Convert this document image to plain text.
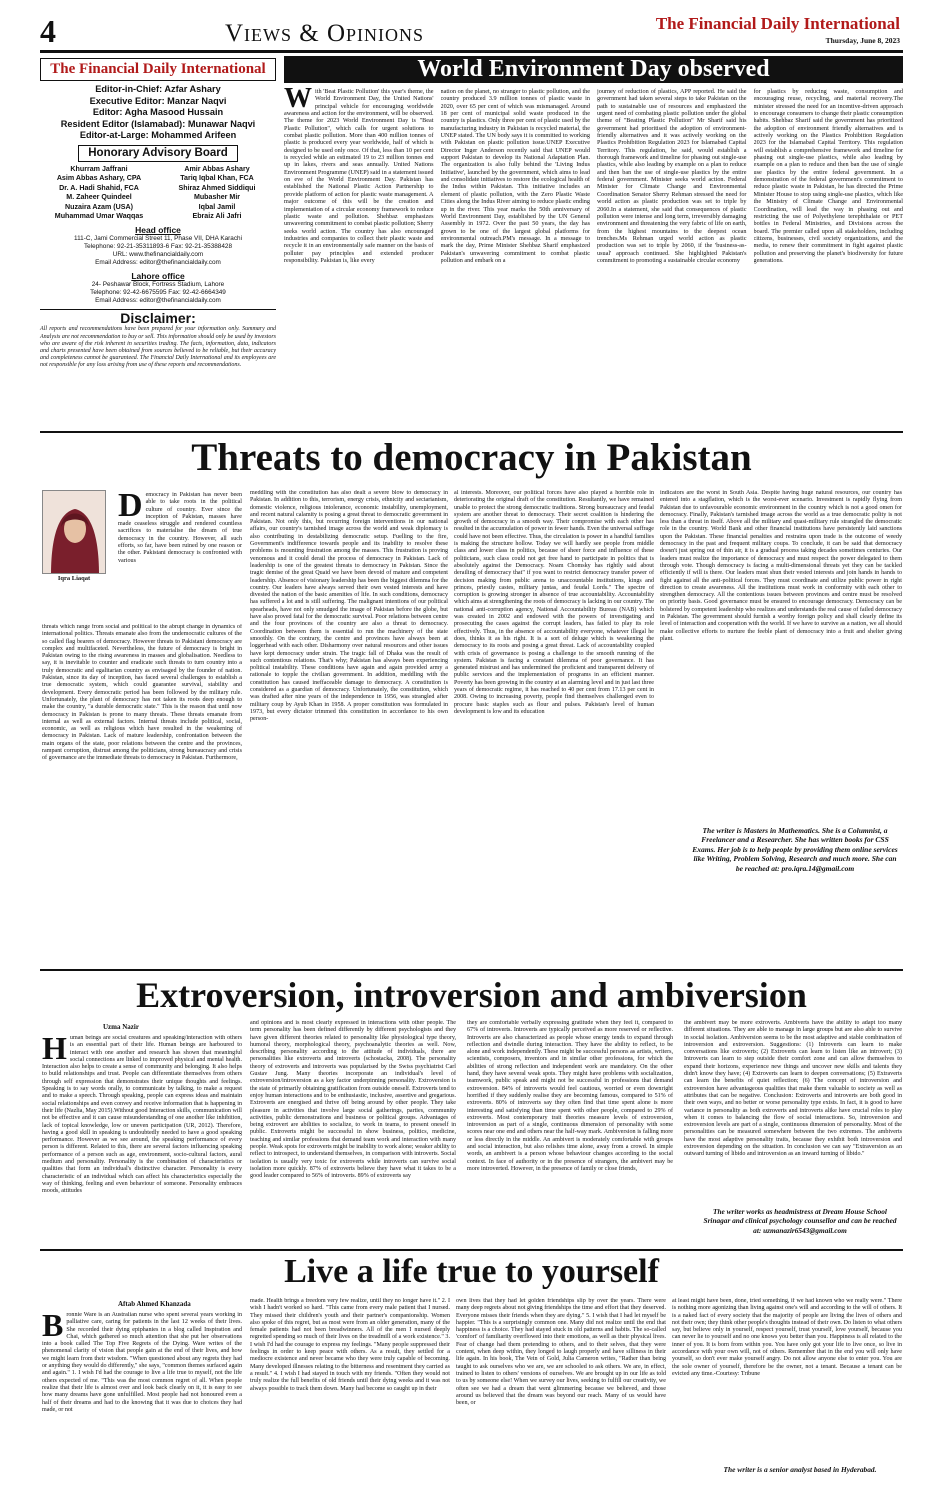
4	Views & Opinions	The Financial Daily International
Thursday, June 8, 2023
The Financial Daily International
Editor-in-Chief: Azfar Ashary
Executive Editor: Manzar Naqvi
Editor: Agha Masood Hussain
Resident Editor (Islamabad): Munawar Naqvi
Editor-at-Large: Mohammed Arifeen
Honorary Advisory Board
Khurram Jaffrani
Asim Abbas Ashary, CPA
Dr. A. Hadi Shahid, FCA
M. Zaheer Quindeel
Nuzaira Azam (USA)
Muhammad Umar Waqqas
Amir Abbas Ashary
Tariq Iqbal Khan, FCA
Shiraz Ahmed Siddiqui
Mubasher Mir
Iqbal Jamil
Ebraiz Ali Jafri
Head office
111-C, Jami Commercial Street 11, Phase VII, DHA Karachi
Telephone: 92-21-35311893-6 Fax: 92-21-35388428
URL: www.thefinancialdaily.com
Email Address: editor@thefinancialdaily.com
Lahore office
24- Peshawar Block, Fortress Stadium, Lahore
Telephone: 92-42-6675595 Fax: 92-42-6664349
Email Address: editor@thefinancialdaily.com
Disclaimer:
All reports and recommendations have been prepared for your information only. Summary and Analysis are not recommendation to buy or sell. This information should only be used by investors who are aware of the risk inherent in securities trading. The facts, information, data, indicators and charts presented have been obtained from sources believed to be reliable, but their accuracy and completeness cannot be guaranteed. The Financial Daily International and its employees are not responsible for any loss arising from use of these reports and recommendations.
World Environment Day observed
With 'Beat Plastic Pollution' this year's theme, the World Environment Day, the United Nations' principal vehicle for encouraging worldwide awareness and action for the environment, will be observed. The theme for 2023 World Environment Day is "Beat Plastic Pollution", which calls for urgent solutions to combat plastic pollution. More than 400 million tonnes of plastic is produced every year worldwide, half of which is designed to be used only once. Of that, less than 10 per cent is recycled while an estimated 19 to 23 million tonnes end up in lakes, rivers and seas annually. United Nations Environment Programme (UNEP) said in a statement issued on eve of the World Environment Day. Pakistan has established the National Plastic Action Partnership to provide platform of action for plastic waste management. A major outcome of this will be the creation and implementation of a circular economy framework to reduce plastic waste and pollution. Shehbaz emphasizes unwavering commitment to combat plastic pollution; Sherry seeks world action. The country has also encouraged industries and companies to collect their plastic waste and recycle it in an environmentally safe manner on the basis of polluter pay principles and extended producer responsibility. Pakistan is, like every
nation on the planet, no stranger to plastic pollution, and the country produced 3.9 million tonnes of plastic waste in 2020, over 65 per cent of which was mismanaged. Around 18 per cent of municipal solid waste produced in the country is plastics. Only three per cent of plastic used by the manufacturing industry in Pakistan is recycled material, the UNEP stated. The UN body says it is committed to working with Pakistan on plastic pollution issue.UNEP Executive Director Inger Anderson recently said that UNEP would support Pakistan to develop its National Adaptation Plan. The organization is also fully behind the 'Living Indus Initiative', launched by the government, which aims to lead and consolidate initiatives to restore the ecological health of the Indus within Pakistan. This initiative includes an element of plastic pollution, with the Zero Plastic Waste Cities along the Indus River aiming to reduce plastic ending up in the river. This year marks the 50th anniversary of World Environment Day, established by the UN General Assembly in 1972. Over the past 50 years, the day has grown to be one of the largest global platforms for environmental outreach.PM's message. In a message to mark the day, Prime Minister Shehbaz Sharif emphasized Pakistan's unwavering commitment to combat plastic pollution and embark on a
journey of reduction of plastics, APP reported. He said the government had taken several steps to take Pakistan on the path to sustainable use of resources and emphasized the urgent need of combating plastic pollution under the global theme of "Beating Plastic Pollution" Mr Sharif said his government had prioritised the adoption of environment-friendly alternatives and it was actively working on the Plastics Prohibition Regulation 2023 for Islamabad Capital Territory. This regulation, he said, would establish a thorough framework and timeline for phasing out single-use plastics, while also leading by example on a plan to reduce and then ban the use of single-use plastics by the entire federal government. Minister seeks world action. Federal Minister for Climate Change and Environmental Coordination Senator Sherry Rehman stressed the need for world action as plastic production was set to triple by 2060.In a statement, she said that consequences of plastic pollution were intense and long term, irreversibly damaging environment and threatening the very fabric of life on earth, from the highest mountains to the deepest ocean trenches.Ms Rehman urged world action as plastic production was set to triple by 2060, if the 'business-as-usual' approach continued. She highlighted Pakistan's commitment to promoting a sustainable circular economy
for plastics by reducing waste, consumption and encouraging reuse, recycling, and material recovery.The minister stressed the need for an incentive-driven approach to encourage consumers to change their plastic consumption habits. Shehbaz Sharif said the government has prioritized the adoption of environment friendly alternatives and is actively working on the Plastics Prohibition Regulation 2023 for the Islamabad Capital Territory. This regulation will establish a comprehensive framework and timeline for phasing out single-use plastics, while also leading by example on a plan to reduce and then ban the use of single use plastics by the entire federal government. In a demonstration of the federal government's commitment to reduce plastic waste in Pakistan, he has directed the Prime Minister House to stop using single-use plastics, which like the Ministry of Climate Change and Environmental Coordination, will lead the way in phasing out and restricting the use of Polyethylene terephthalate or PET bottles in Federal Ministries, and Divisions across the board. The premier called upon all stakeholders, including citizens, businesses, civil society organizations, and the media, to renew their commitment in fight against plastic pollution and preserving the planet's biodiversity for future generations.
Threats to democracy in Pakistan
Iqra Liaqat
Democracy in Pakistan has never been able to take roots in the political culture of country. Ever since the inception of Pakistan, masses have made ceaseless struggle and rendered countless sacrifices to materialise the dream of true democracy in the country. However, all such efforts, so far, have been ruined by one reason or the other. Pakistani democracy is confronted with various
threats which range from social and political to the abrupt change in dynamics of international politics. Threats emanate also from the undemocratic cultures of the so called flag bearers of democracy. However threats to Pakistani democracy are complex and multifaceted. Nevertheless, the future of democracy is bright in Pakistan owing to the rising awareness in masses and globalisation. Needless to say, it is inevitable to counter and eradicate such threats to turn country into a truly democratic and egalitarian country as envisaged by the founder of nation. Pakistan, since its day of inception, has faced several challenges to establish a true democratic system, which could guarantee survival, stability and development. Every democratic period has been followed by the military rule. Unfortunately, the plant of democracy has not taken its roots deep enough to make the country, "a durable democratic state." This is the reason that until now democracy in Pakistan is prone to many threats. These threats emanate from internal as well as external factors. Internal threats include political, social, economic, as well as religious which have resulted in the weakening of democracy in Pakistan. Lack of mature leadership, confrontation between the main organs of the state, poor relations between the centre and the provinces, rampant corruption, distrust among the politicians, strong bureaucracy and crisis of governance are the immediate threats to democracy in Pakistan. Furthermore,
meddling with the constitution has also dealt a severe blow to democracy in Pakistan. In addition to this, terrorism, energy crisis, ethnicity and sectarianism, domestic violence, religious intolerance, economic instability, unemployment, and recent natural calamity is posing a great threat to democratic government in Pakistan. Not only this, but recurring foreign interventions in our national affairs, our country's tarnished image across the world and weak diplomacy is also contributing in destabilizing democratic setup. Fuelling to the fire, Government's indifference towards people and its inability to resolve these problems is mounting frustration among the masses. This frustration is proving venomous and it could derail the process of democracy in Pakistan. Lack of leadership is one of the greatest threats to democracy in Pakistan. Since the tragic demise of the great Quaid we have been devoid of mature and competent leadership. Absence of visionary leadership has been the biggest dilemma for the country. Our leaders have always served their own vested interests and have divested the nation of the basic amenities of life. In such conditions, democracy has suffered a lot and is still suffering. The malignant intentions of our political spearheads, have not only smudged the image of Pakistan before the globe, but have also proved fatal for the democratic survival. Poor relations between centre and the four provinces of the country are also a threat to democracy. Coordination between them is essential to run the machinery of the state smoothly. On the contrary, the centre and provinces have always been at loggerhead with each other. Disharmony over natural resources and other issues have kept democracy under strain. The tragic fall of Dhaka was the result of such contentious relations. That's why; Pakistan has always been experiencing political instability. These conditions have again and again provided army a rationale to topple the civilian government. In addition, meddling with the constitution has caused ineffaceable damage to democracy. A constitution is considered as a guardian of democracy. Unfortunately, the constitution, which was drafted after nine years of the independence in 1956, was strangled after military coup by Ayub Khan in 1958. A proper constitution was formulated in 1973, but every dictator trimmed this constitution in accordance to his own person-
al interests. Moreover, our political forces have also played a horrible role in deteriorating the original draft of the constitution. Resultantly, we have remained unable to protect the strong democratic traditions. Strong bureaucracy and feudal system are another threat to democracy. Their secret coalition is hindering the growth of democracy in a smooth way. Their compromise with each other has resulted in the accumulation of power in fewer hands. Even the universal suffrage could have not been effective. Thus, the circulation is power in a handful families is making the structure hollow. Today we will hardly see people from middle class and lower class in politics, because of sheer force and influence of these politicians, such class could not get free hand to participate in politics that is absolutely against the Democracy. Noam Chomsky has rightly said about derailing of democracy that" if you want to restrict democracy transfer power of decision making from public arena to unaccountable institutions, kings and princes, priestly castes, military juntas, and feudal Lords." The spectre of corruption is growing stronger in absence of true accountability. Accountability which aims at strengthening the roots of democracy is lacking in our country. The national anti-corruption agency, National Accountability Bureau (NAB) which was created in 2002 and endowed with the powers of investigating and prosecuting the cases against the corrupt leaders, has failed to play its role effectively. Thus, in the absence of accountability everyone, whatever illegal he does, thinks it as his right. It is a sort of deluge which is weakening the democracy to its roots and posing a great threat. Lack of accountability coupled with crisis of governance is posing a challenge to the smooth running of the system. Pakistan is facing a constant dilemma of poor governance. It has generated mistrust and has undermined the proficient and transparent delivery of public services and the implementation of programs in an efficient manner. Poverty has been growing in the country at an alarming level and in just last three years of democratic regime, it has reached to 40 per cent from 17.13 per cent in 2008. Owing to increasing poverty, people find themselves challenged even to procure basic staples such as flour and pulses. Pakistan's level of human development is low and its education
indicators are the worst in South Asia. Despite having huge natural resources, our country has entered into a stagflation, which is the worst-ever scenario. Investment is rapidly flying from Pakistan due to unfavourable economic environment in the country which is not a good omen for democracy. Finally, Pakistan's tarnished image across the world as a true democratic polity is not less than a threat in itself. Above all the military and quasi-military rule strangled the democratic role in the country. World Bank and other financial institutions have persistently laid sanctions upon the Pakistan. These financial penalties and restrains upon trade is the outcome of weedy democracy in the past and frequent military coups. To conclude, it can be said that democracy doesn't just spring out of thin air, it is a gradual process taking decades sometimes centuries. Our leaders must realize the importance of democracy and must respect the power delegated to them through vote. Though democracy is facing a multi-dimensional threats yet they can be tackled efficiently if will is there. Our leaders must shun their vested interests and join hands in hands to fight against all the anti-political forces. They must coordinate and utilize public power in right direction to create awareness. All the institutions must work in conformity with each other to strengthen democracy. All the contentious issues between provinces and centre must be resolved on priority basis. Good governance must be ensured to encourage democracy. Democracy can be bolstered by competent leadership who realizes and understands the real cause of failed democracy in Pakistan. The government should furnish a worthy foreign policy and shall clearly define its level of interaction and cooperation with the world. If we have to survive as a nation, we all should make collective efforts to nurture the feeble plant of democracy into a fruit and shelter giving plant.
The writer is Masters in Mathematics. She is a Columnist, a Freelancer and a Researcher. She has written books for CSS Exams. Her job is to help people by providing them online services like Writing, Problem Solving, Research and much more. She can be reached at: pro.iqra.14@gmail.com
Extroversion, introversion and ambiversion
Uzma Nazir
Human beings are social creatures and speaking/interaction with others is an essential part of their life. Human beings are harboured to interact with one another and research has shown that meaningful social connections are linked to improved physical and mental health. Interaction also helps to create a sense of community and belonging. It also helps to build relationships and trust. People can differentiate themselves from others through self expression that demonstrates their unique thoughts and feelings. Speaking is to say words orally, to communicate by talking, to make a request and to make a speech. Through speaking, people can express ideas and maintain social relationships and even convey and receive information that is happening in their life (Nazlia, May 2015).Without good Interaction skills, communication will not be effective and it can cause misunderstanding of one another like inhibition, lack of topical knowledge, low or uneven participation (UR, 2012). Therefore, having a good skill in speaking is undoubtedly needed to have a good speaking performance. However as we see around, the speaking performance of every person is different. Related to this, there are several factors influencing speaking performance of a person such as age, environment, socio-cultural factors, aural medium and personality. Personality is the combination of characteristics or qualities that form an individual's distinctive character. Personality is every characteristic of an individual which can affect his characteristics especially the way of thinking, feeling and even behaviour of someone. Personality embraces moods, attitudes
and opinions and is most clearly expressed in interactions with other people. The term personality has been defined differently by different psychologists and they have given different theories related to personality like physiological type theory, humoral theory, morphological theory, psychoanalytic theories as well. Now, describing personality according to the attitude of individuals, there are personalities like extroverts and introverts (schostacka, 2008). The personality theory of extroverts and introverts was popularised by the Swiss psychiatrist Carl Gustav Jung. Many theories incorporate an individual's level of extroversion/introversion as a key factor underpinning personality. Extroversion is the state of primarily obtaining gratification from outside oneself. Extroverts tend to enjoy human interactions and to be enthusiastic, inclusive, assertive and gregarious. Extroverts are energised and thrive off being around by other people. They take pleasure in activities that involve large social gatherings, parties, community activities, public demonstrations and business or political groups. Advantages of being extrovert are abilities to socialize, to work in teams, to present oneself in public. Extroverts might be successful in show business, politics, medicine, teaching and similar professions that demand team work and interaction with many people. Weak spots for extroverts might be inability to work alone; weaker ability to reflect to introspect, to understand themselves, in comparison with introverts. Social isolation is usually very toxic for extroverts while introverts can survive social isolation more quickly. 87% of extroverts believe they have what it takes to be a good leader compared to 56% of introverts. 89% of extroverts say
they are comfortable verbally expressing gratitude when they feel it, compared to 67% of introverts. Introverts are typically perceived as more reserved or reflective. Introverts are also characterized as people whose energy tends to expand through reflection and dwindle during interaction. They have the ability to reflect, to be alone and work independently. These might be successful persons as artists, writers, scientists, composers, inventors and in similar other professions, for which the abilities of strong reflection and independent work are mandatory. On the other hand, they have several weak spots. They might have problems with socialization, teamwork, public speak and might not be successful in professions that demand extroversion. 84% of introverts would feel cautious, worried or even downright horrified if they suddenly realise they are becoming famous, compared to 51% of extroverts. 80% of introverts say they often find that time spent alone is more interesting and satisfying than time spent with other people, compared to 29% of extroverts. Most contemporary trait theories measure levels of extroversion, introversion as part of a single, continuous dimension of personality with some scores near one end and others near the half-way mark. Ambiversion is falling more or less directly in the middle. An ambivert is moderately comfortable with groups and social interaction, but also relishes time alone, away from a crowd. In simple words, an ambivert is a person whose behaviour changes according to the social context. In face of authority or in the presence of strangers, the ambivert may be more introverted. However, in the presence of family or close friends,
the ambivert may be more extroverts. Ambiverts have the ability to adapt too many different situations. They are able to manage in large groups but are also able to survive in social isolation. Ambiversion seems to be the most adaptive and stable combination of introversion and extroversion. Suggestions: (1) Introverts can learn to make conversations like extroverts; (2) Extroverts can learn to listen like an introvert; (3) Introverts can learn to step outside their comfort zone and can allow themselves to expand their horizons, experience new things and uncover new skills and talents they didn't know they have; (4) Extroverts can learn to deepen conversations; (5) Extraverts can learn the benefits of quiet reflection; (6) The concept of introversion and extroversion have advantageous qualities that make them valuable to society as well as attributes that can be negative. Conclusion: Extroverts and introverts are both good in their own ways, and no better or worse personality type exists. In fact, it is good to have variance in personality as both extroverts and introverts alike have crucial roles to play when it comes to balancing the flow of social interactions. So, introversion and extroversion levels are part of a single, continuous dimension of personality. Most of the personalities can be measured somewhere between the two extremes. The ambiverts have the most adaptive personality traits, because they exhibit both introversion and extroversion depending on the situation. In conclusion we can say "Extraversion as an outward turning of libido and introversion as an inward turning of libido."
The writer works as headmistress at Dream House School Srinagar and clinical psychology counsellor and can be reached at: uzmanazir6543@gmail.com
Live a life true to yourself
Aftab Ahmed Khanzada
Bronnie Ware is an Australian nurse who spent several years working in palliative care, caring for patients in the last 12 weeks of their lives. She recorded their dying epiphanies in a blog called Inspiration and Chai, which gathered so much attention that she put her observations into a book called The Top Five Regrets of the Dying. Ware writes of the phenomenal clarity of vision that people gain at the end of their lives, and how we might learn from their wisdom. "When questioned about any regrets they had or anything they would do differently," she says, "common themes surfaced again and again." 1. I wish I'd had the courage to live a life true to myself, not the life others expected of me. "This was the most common regret of all. When people realize that their life is almost over and look back clearly on it, it is easy to see how many dreams have gone unfulfilled. Most people had not honoured even a half of their dreams and had to die knowing that it was due to choices they had made, or not
made. Health brings a freedom very few realize, until they no longer have it." 2. I wish I hadn't worked so hard. "This came from every male patient that I nursed. They missed their children's youth and their partner's companionship. Women also spoke of this regret, but as most were from an older generation, many of the female patients had not been breadwinners. All of the men I nursed deeply regretted spending so much of their lives on the treadmill of a work existence." 3. I wish I'd had the courage to express my feelings. "Many people suppressed their feelings in order to keep peace with others. As a result, they settled for a mediocre existence and never became who they were truly capable of becoming. Many developed illnesses relating to the bitterness and resentment they carried as a result." 4. I wish I had stayed in touch with my friends. "Often they would not truly realize the full benefits of old friends until their dying weeks and it was not always possible to track them down. Many had become so caught up in their
own lives that they had let golden friendships slip by over the years. There were many deep regrets about not giving friendships the time and effort that they deserved. Everyone misses their friends when they are dying." 5. I wish that I had let myself be happier. "This is a surprisingly common one. Many did not realize until the end that happiness is a choice. They had stayed stuck in old patterns and habits. The so-called 'comfort' of familiarity overflowed into their emotions, as well as their physical lives. Fear of change had them pretending to others, and to their selves, that they were content, when deep within, they longed to laugh properly and have silliness in their life again. In his book, The Vein of Gold, Julia Cameron writes, "Rather than being taught to ask ourselves who we are, we are schooled to ask others. We are, in effect, trained to listen to others' versions of ourselves. We are brought up in our life as told to us by someone else! When we survey our lives, seeking to fulfill our creativity, we often see we had a dream that went glimmering because we believed, and those around us believed that the dream was beyond our reach. Many of us would have been, or
at least might have been, done, tried something, if we had known who we really were." There is nothing more agonizing than living against one's will and according to the will of others. It is a naked fact of every society that the majority of people are living the lives of others and not their own; they think other people's thoughts instead of their own. Do listen to what others say, but believe only in yourself, respect yourself, trust yourself, love yourself, because you can never lie to yourself and no one knows you better than you. Happiness is all related to the inner of you. It is born from within you. You have only got your life to live once, so live in accordance with your own will, not of others. Remember that in the end you will only have yourself, so don't ever make yourself angry. Do not allow anyone else to enter you. You are the sole owner of yourself, therefore be the owner, not a tenant. Because a tenant can be evicted any time.-Courtesy: Tribune
The writer is a senior analyst based in Hyderabad.
